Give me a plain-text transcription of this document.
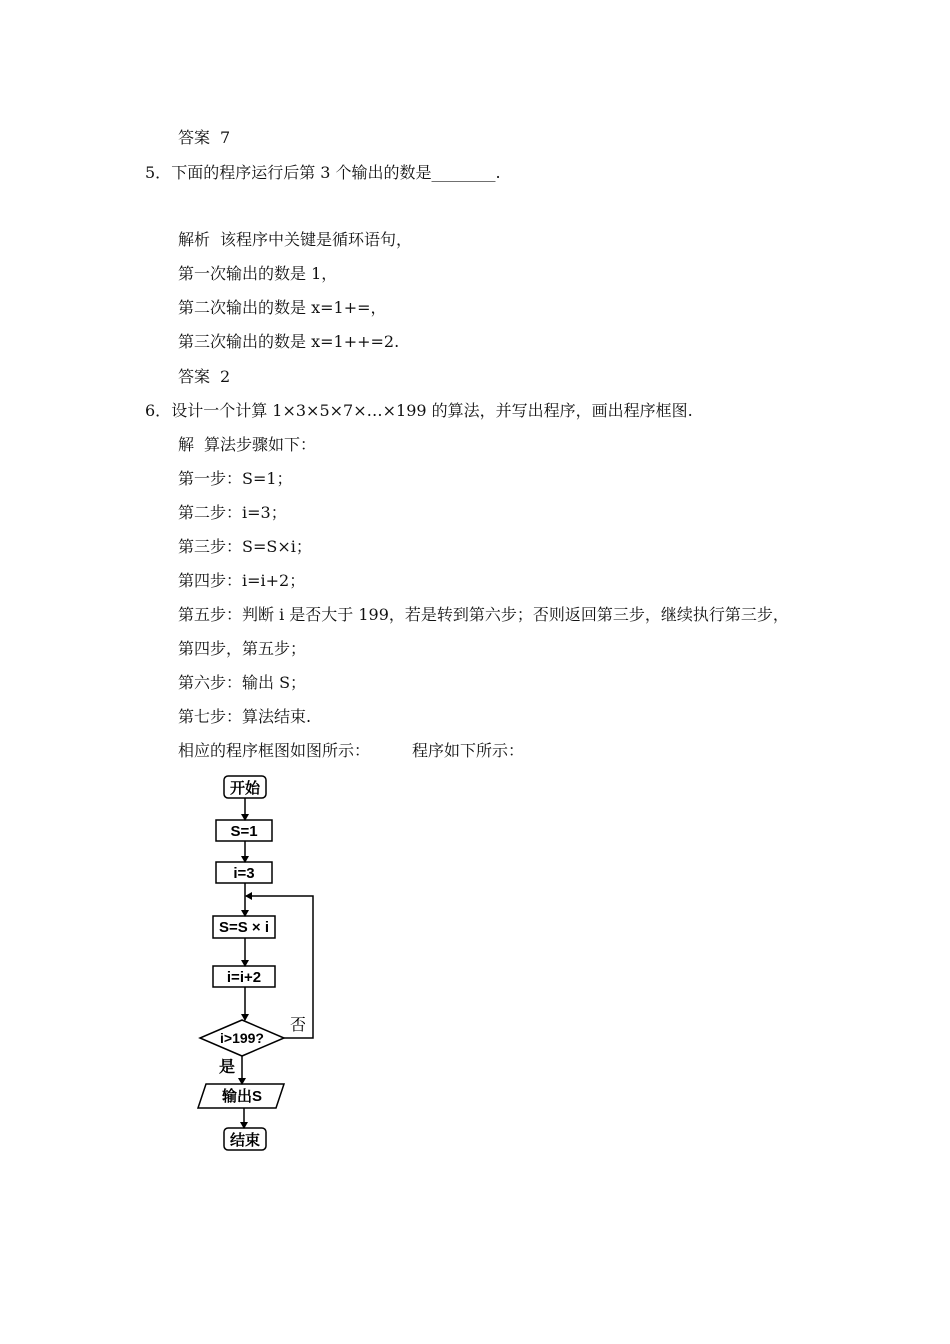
答案 7
5．下面的程序运行后第 3 个输出的数是________.
解析 该程序中关键是循环语句，
第一次输出的数是 1，
第二次输出的数是 x=1+=，
第三次输出的数是 x=1++=2.
答案 2
6．设计一个计算 1×3×5×7×…×199 的算法，并写出程序，画出程序框图.
解 算法步骤如下：
第一步：S=1；
第二步：i=3；
第三步：S=S×i；
第四步：i=i+2；
第五步：判断 i 是否大于 199，若是转到第六步；否则返回第三步，继续执行第三步，
第四步，第五步；
第六步：输出 S；
第七步：算法结束.
相应的程序框图如图所示：	程序如下所示：
开始
S=1
i=3
S=S × i
i=i+2
i>199?
否
是
输出S
结束
